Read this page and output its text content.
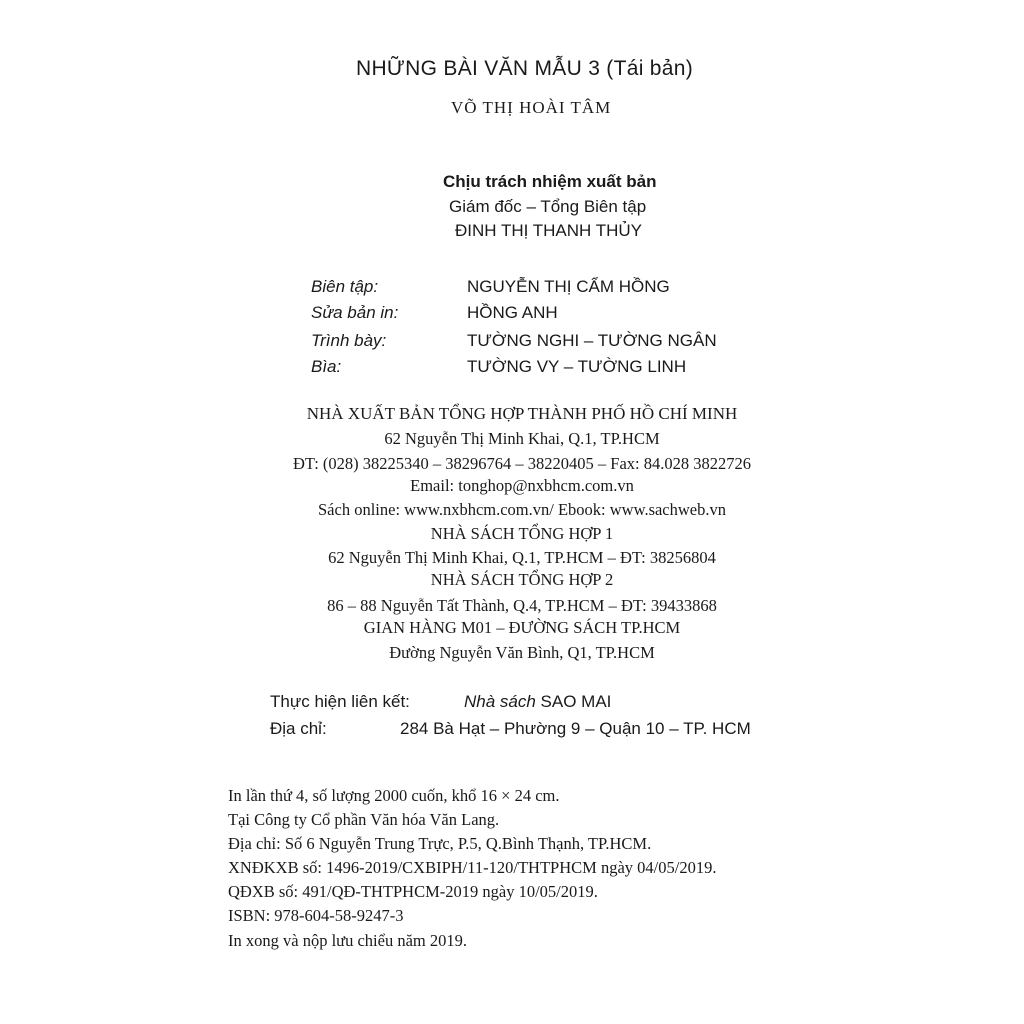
NHỮNG BÀI VĂN MẪU 3 (Tái bản)

VÕ THỊ HOÀI TÂM

Chịu trách nhiệm xuất bản

Giám đốc – Tổng Biên tập

ĐINH THỊ THANH THỦY

Biên tập:	NGUYỄN THỊ CẨM HỒNG

Sửa bản in:	HỒNG ANH

Trình bày:	TƯỜNG NGHI – TƯỜNG NGÂN

Bìa:	TƯỜNG VY – TƯỜNG LINH

NHÀ XUẤT BẢN TỔNG HỢP THÀNH PHỐ HỒ CHÍ MINH

62 Nguyễn Thị Minh Khai, Q.1, TP.HCM

ĐT: (028) 38225340 – 38296764 – 38220405 – Fax: 84.028 3822726

Email: tonghop@nxbhcm.com.vn

Sách online: www.nxbhcm.com.vn/ Ebook: www.sachweb.vn

NHÀ SÁCH TỔNG HỢP 1

62 Nguyễn Thị Minh Khai, Q.1, TP.HCM – ĐT: 38256804

NHÀ SÁCH TỔNG HỢP 2

86 – 88 Nguyễn Tất Thành, Q.4, TP.HCM – ĐT: 39433868

GIAN HÀNG M01 – ĐƯỜNG SÁCH TP.HCM

Đường Nguyễn Văn Bình, Q1, TP.HCM

Thực hiện liên kết:	Nhà sách SAO MAI

Địa chỉ:	284 Bà Hạt – Phường 9 – Quận 10 – TP. HCM

In lần thứ 4, số lượng 2000 cuốn, khổ 16 × 24 cm.

Tại Công ty Cổ phần Văn hóa Văn Lang.

Địa chỉ: Số 6 Nguyễn Trung Trực, P.5, Q.Bình Thạnh, TP.HCM.

XNĐKXB số: 1496-2019/CXBIPH/11-120/THTPHCM ngày 04/05/2019.

QĐXB số: 491/QĐ-THTPHCM-2019 ngày 10/05/2019.

ISBN: 978-604-58-9247-3

In xong và nộp lưu chiểu năm 2019.
